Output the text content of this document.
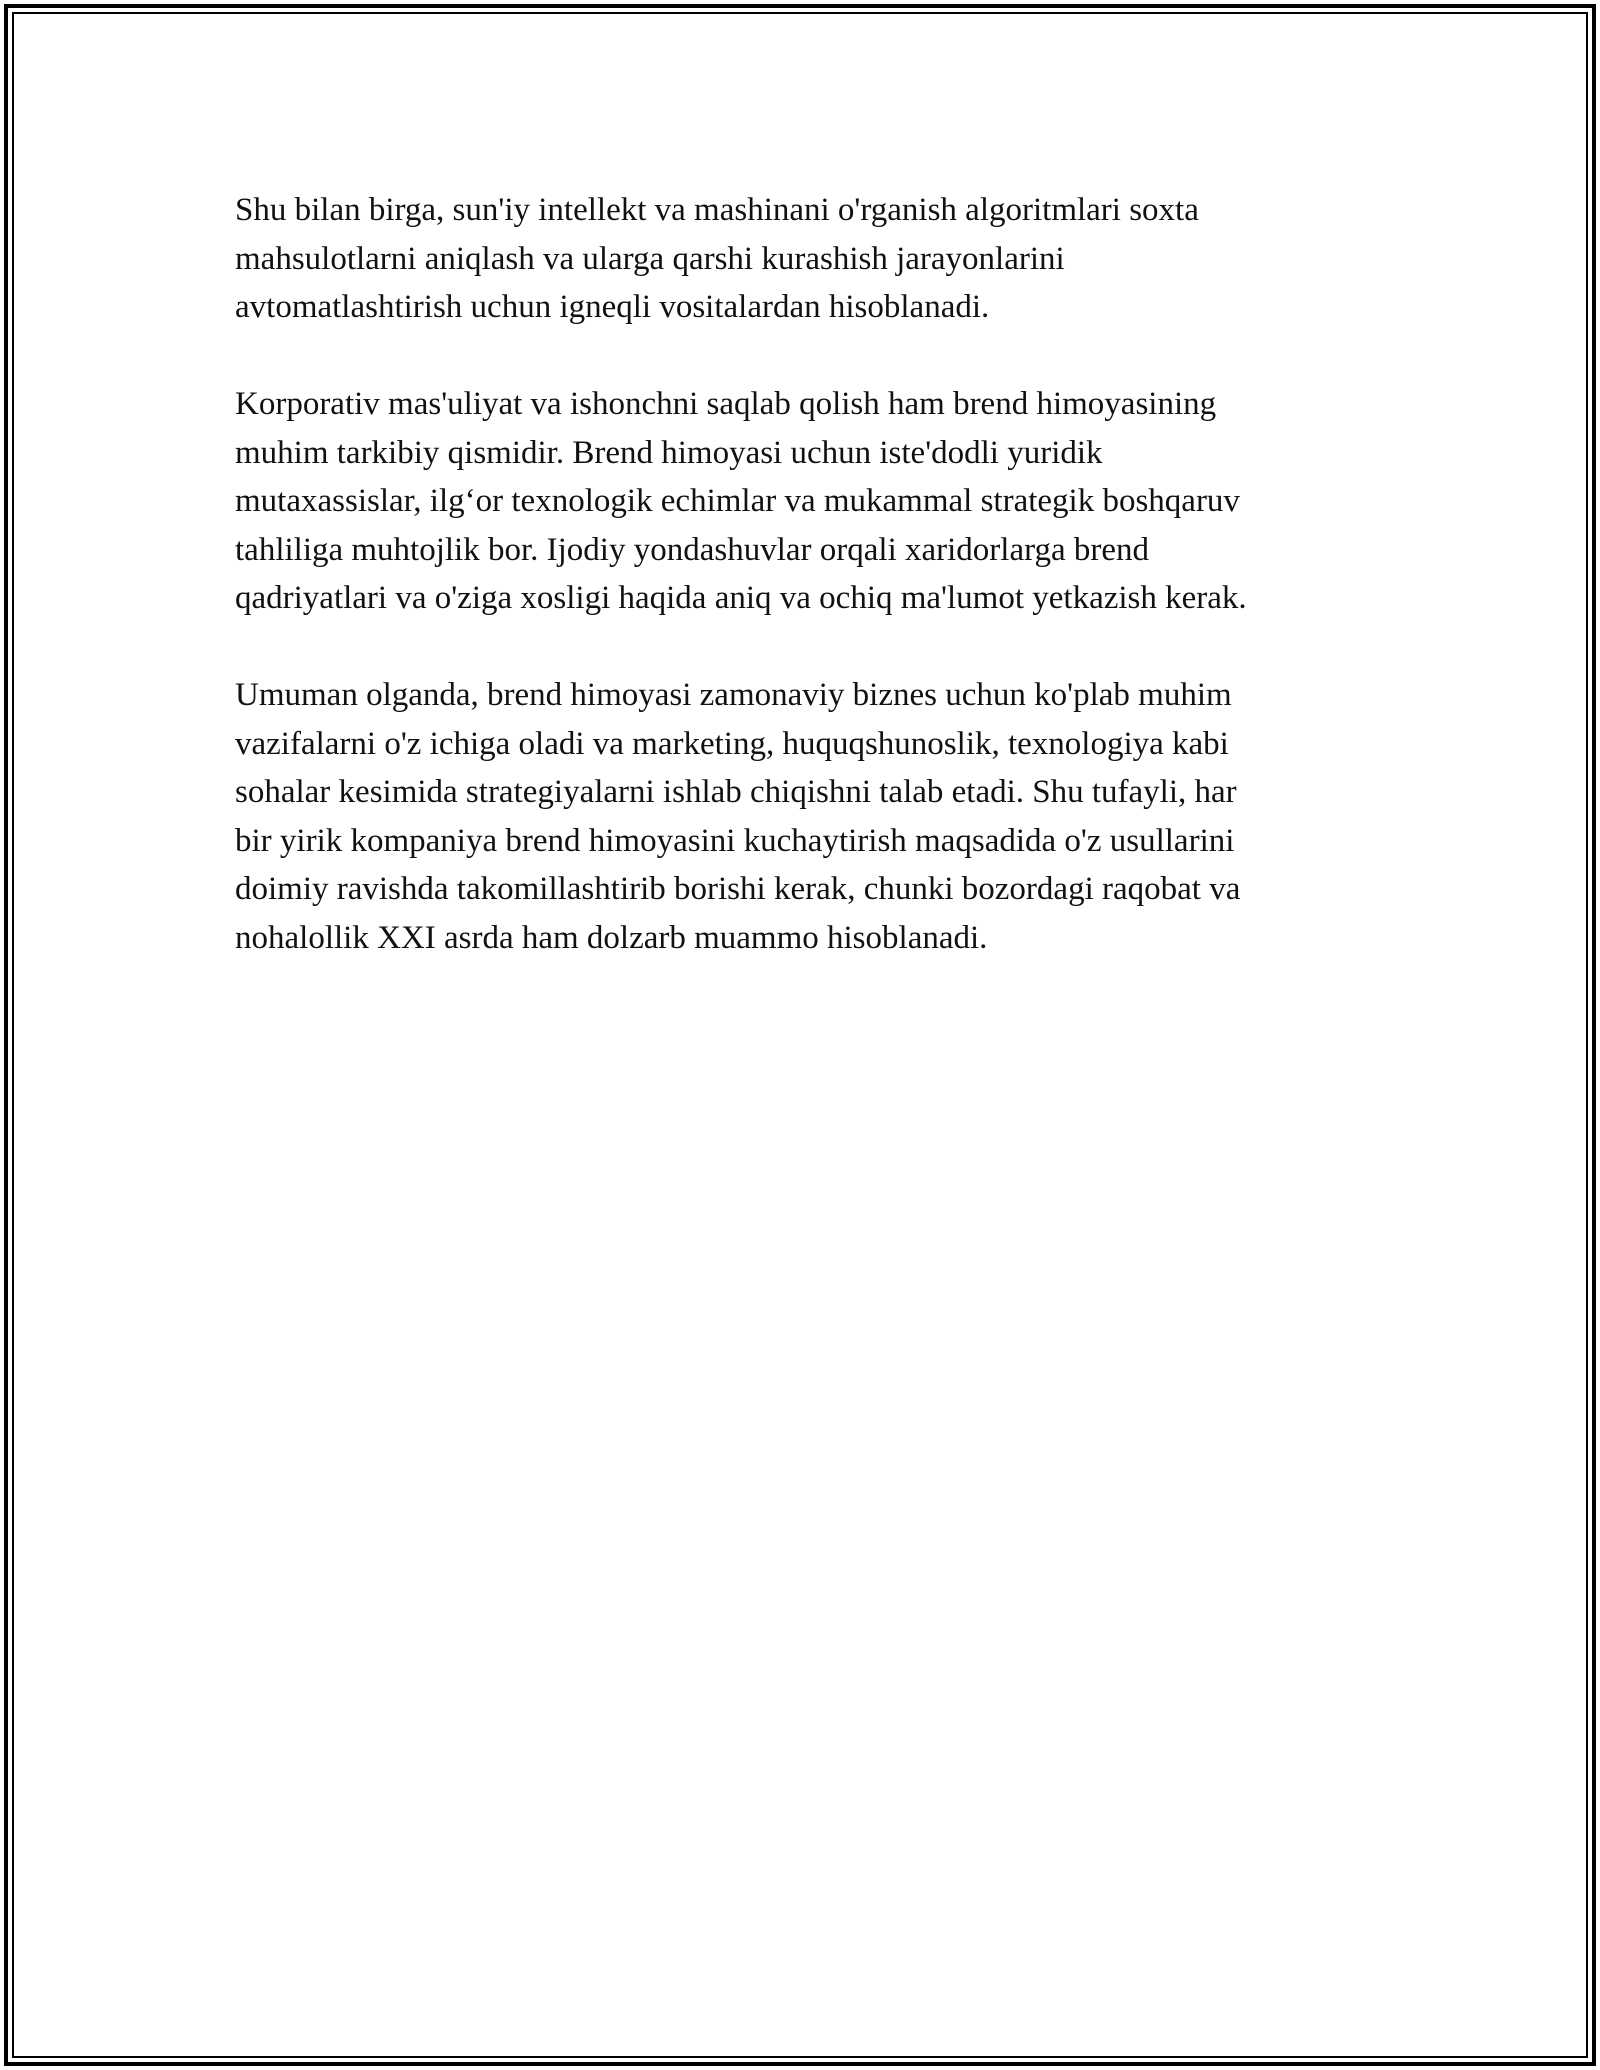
Shu bilan birga, sun'iy intellekt va mashinani o'rganish algoritmlari soxta
mahsulotlarni aniqlash va ularga qarshi kurashish jarayonlarini
avtomatlashtirish uchun igneqli vositalardan hisoblanadi.

Korporativ mas'uliyat va ishonchni saqlab qolish ham brend himoyasining
muhim tarkibiy qismidir. Brend himoyasi uchun iste'dodli yuridik
mutaxassislar, ilg‘or texnologik echimlar va mukammal strategik boshqaruv
tahliliga muhtojlik bor. Ijodiy yondashuvlar orqali xaridorlarga brend
qadriyatlari va o'ziga xosligi haqida aniq va ochiq ma'lumot yetkazish kerak.

Umuman olganda, brend himoyasi zamonaviy biznes uchun ko'plab muhim
vazifalarni o'z ichiga oladi va marketing, huquqshunoslik, texnologiya kabi
sohalar kesimida strategiyalarni ishlab chiqishni talab etadi. Shu tufayli, har
bir yirik kompaniya brend himoyasini kuchaytirish maqsadida o'z usullarini
doimiy ravishda takomillashtirib borishi kerak, chunki bozordagi raqobat va
nohalollik XXI asrda ham dolzarb muammo hisoblanadi.
